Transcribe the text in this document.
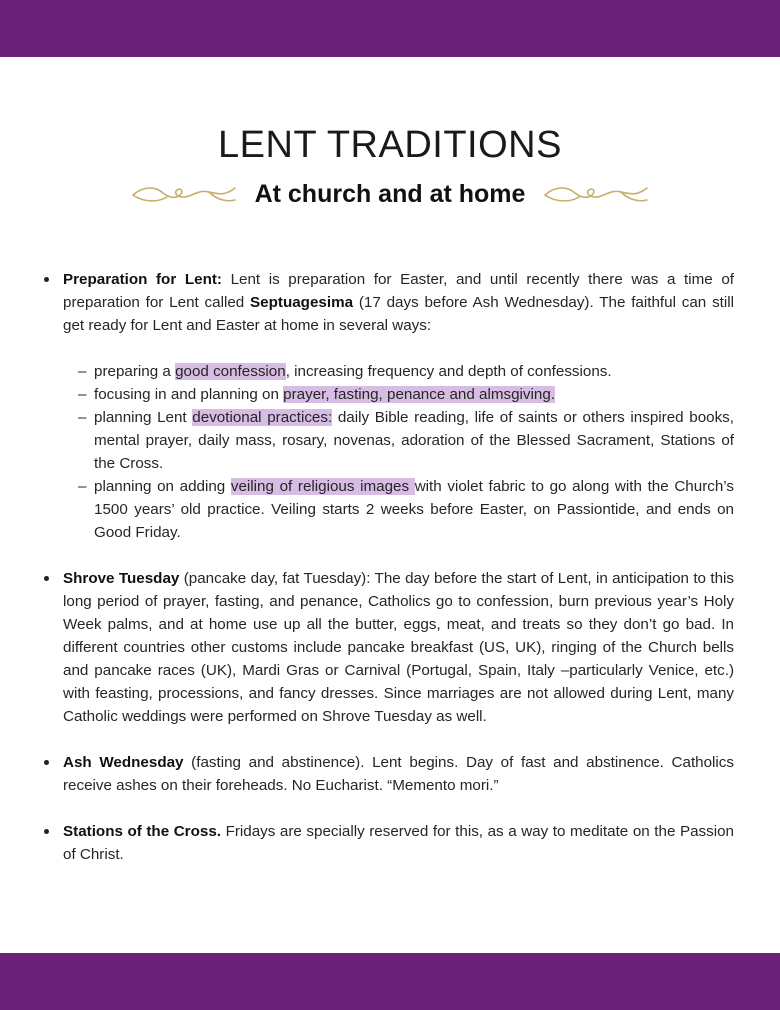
LENT TRADITIONS
At church and at home
Preparation for Lent: Lent is preparation for Easter, and until recently there was a time of preparation for Lent called Septuagesima (17 days before Ash Wednesday). The faithful can still get ready for Lent and Easter at home in several ways:
– preparing a good confession, increasing frequency and depth of confessions.
– focusing in and planning on prayer, fasting, penance and almsgiving.
– planning Lent devotional practices: daily Bible reading, life of saints or others inspired books, mental prayer, daily mass, rosary, novenas, adoration of the Blessed Sacrament, Stations of the Cross.
– planning on adding veiling of religious images with violet fabric to go along with the Church’s 1500 years’ old practice. Veiling starts 2 weeks before Easter, on Passiontide, and ends on Good Friday.
Shrove Tuesday (pancake day, fat Tuesday): The day before the start of Lent, in anticipation to this long period of prayer, fasting, and penance, Catholics go to confession, burn previous year’s Holy Week palms, and at home use up all the butter, eggs, meat, and treats so they don’t go bad. In different countries other customs include pancake breakfast (US, UK), ringing of the Church bells and pancake races (UK), Mardi Gras or Carnival (Portugal, Spain, Italy –particularly Venice, etc.) with feasting, processions, and fancy dresses. Since marriages are not allowed during Lent, many Catholic weddings were performed on Shrove Tuesday as well.
Ash Wednesday (fasting and abstinence). Lent begins. Day of fast and abstinence. Catholics receive ashes on their foreheads. No Eucharist. “Memento mori.”
Stations of the Cross. Fridays are specially reserved for this, as a way to meditate on the Passion of Christ.
